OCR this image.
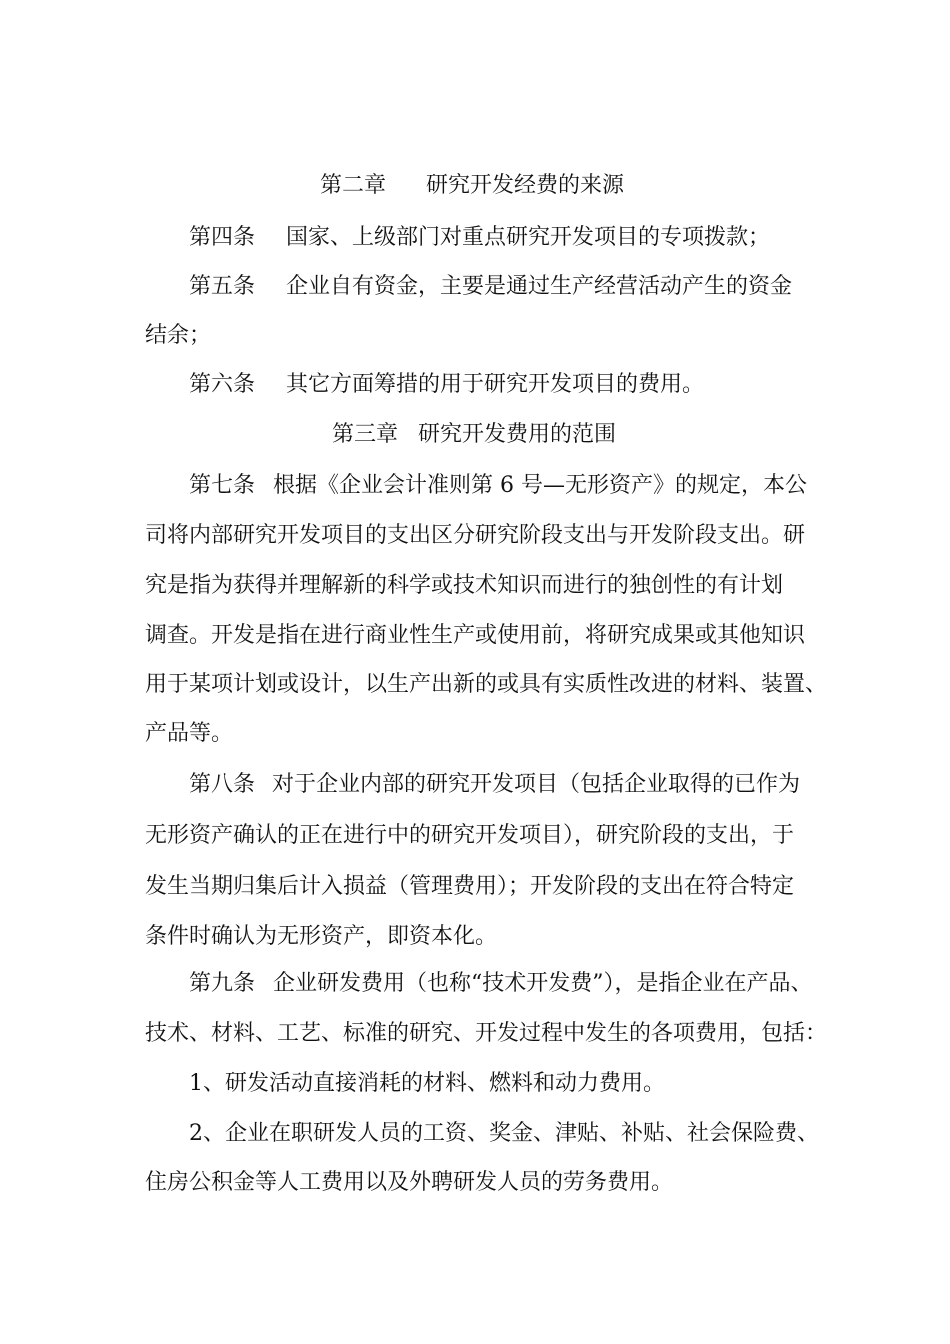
第二章 研究开发经费的来源
第四条 国家、上级部门对重点研究开发项目的专项拨款；
第五条 企业自有资金，主要是通过生产经营活动产生的资金
结余；
第六条 其它方面筹措的用于研究开发项目的费用。
第三章 研究开发费用的范围
第七条 根据《企业会计准则第 6 号—无形资产》的规定，本公
司将内部研究开发项目的支出区分研究阶段支出与开发阶段支出。研
究是指为获得并理解新的科学或技术知识而进行的独创性的有计划
调查。开发是指在进行商业性生产或使用前，将研究成果或其他知识
用于某项计划或设计，以生产出新的或具有实质性改进的材料、装置、
产品等。
第八条 对于企业内部的研究开发项目（包括企业取得的已作为
无形资产确认的正在进行中的研究开发项目），研究阶段的支出，于
发生当期归集后计入损益（管理费用）；开发阶段的支出在符合特定
条件时确认为无形资产，即资本化。
第九条 企业研发费用（也称“技术开发费”），是指企业在产品、
技术、材料、工艺、标准的研究、开发过程中发生的各项费用，包括：
1、研发活动直接消耗的材料、燃料和动力费用。
2、企业在职研发人员的工资、奖金、津贴、补贴、社会保险费、
住房公积金等人工费用以及外聘研发人员的劳务费用。
